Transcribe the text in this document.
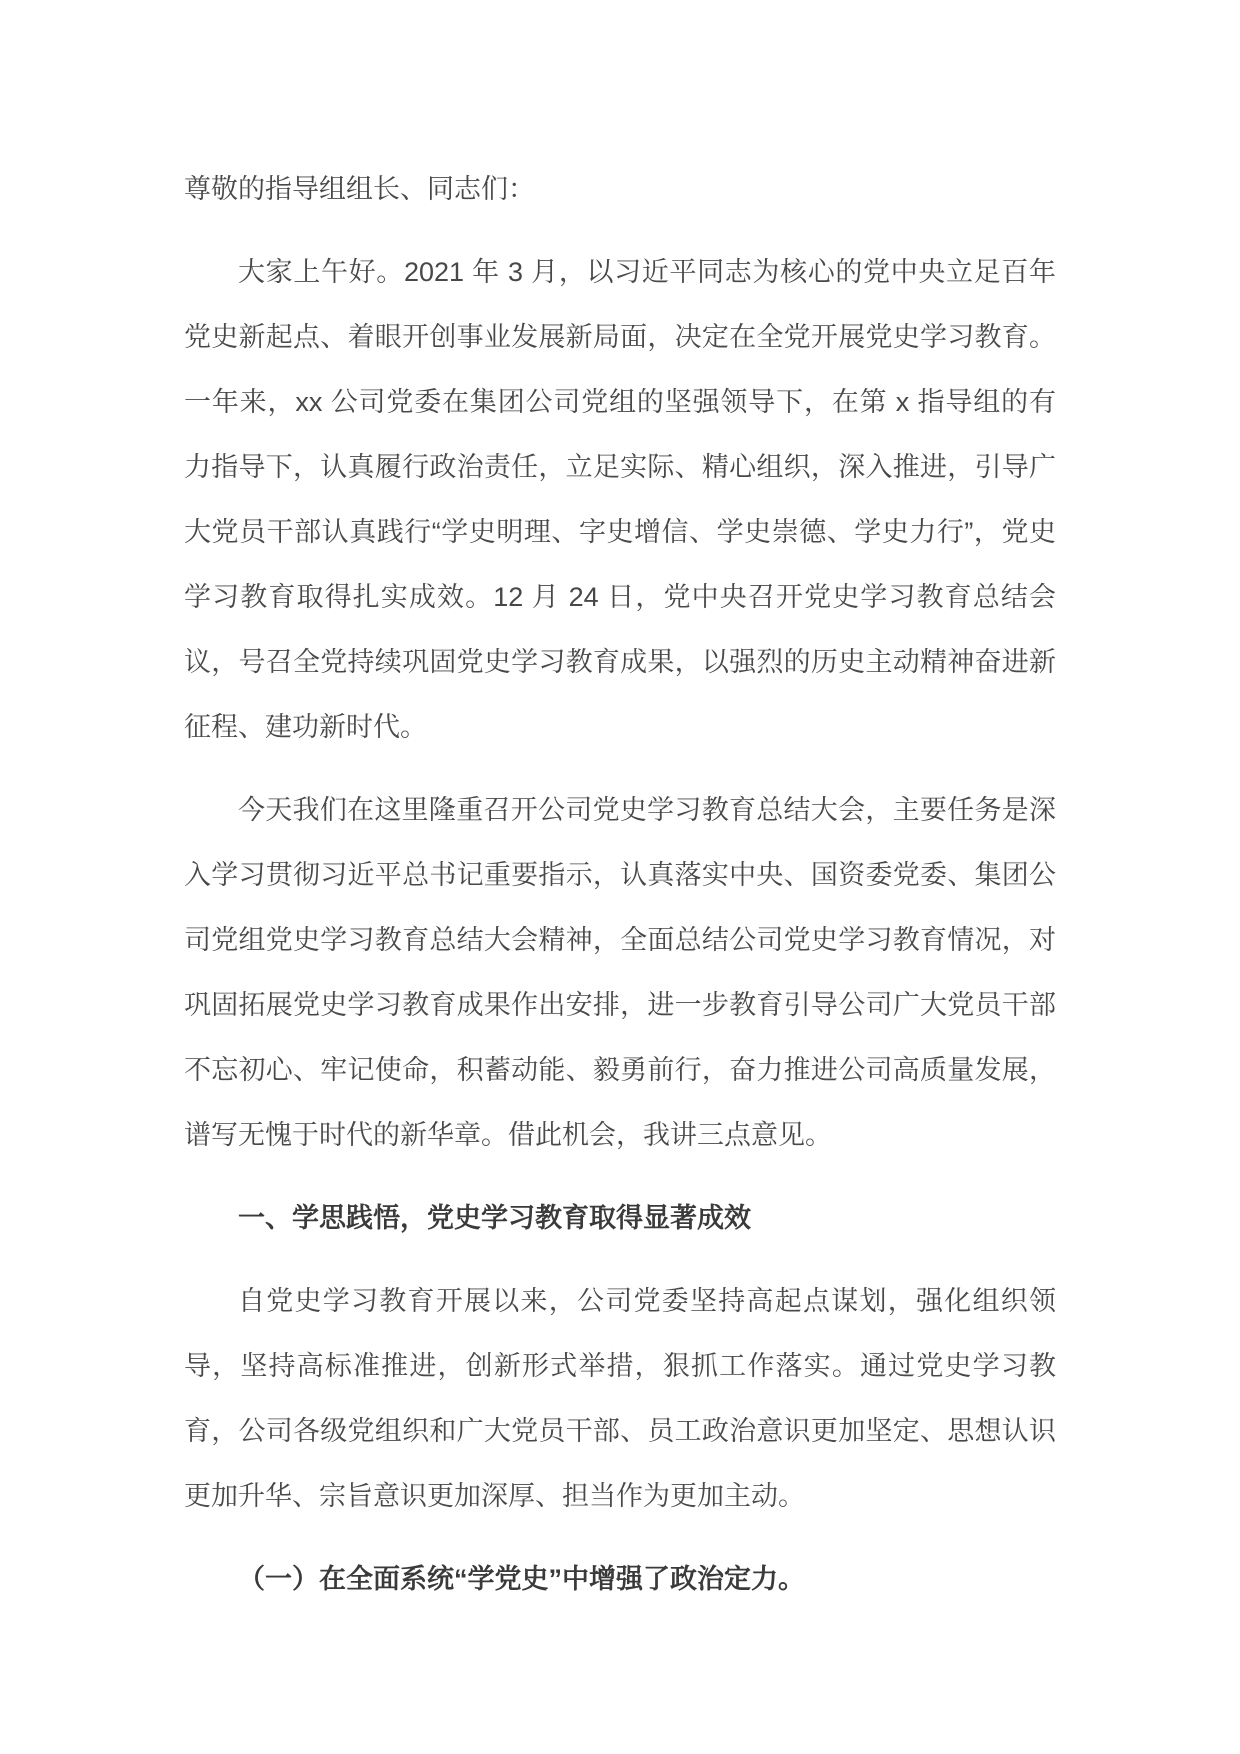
尊敬的指导组组长、同志们：

大家上午好。2021 年 3 月，以习近平同志为核心的党中央立足百年党史新起点、着眼开创事业发展新局面，决定在全党开展党史学习教育。一年来，xx 公司党委在集团公司党组的坚强领导下，在第 x 指导组的有力指导下，认真履行政治责任，立足实际、精心组织，深入推进，引导广大党员干部认真践行“学史明理、字史增信、学史崇德、学史力行”，党史学习教育取得扎实成效。12 月 24 日，党中央召开党史学习教育总结会议，号召全党持续巩固党史学习教育成果，以强烈的历史主动精神奋进新征程、建功新时代。

今天我们在这里隆重召开公司党史学习教育总结大会，主要任务是深入学习贯彻习近平总书记重要指示，认真落实中央、国资委党委、集团公司党组党史学习教育总结大会精神，全面总结公司党史学习教育情况，对巩固拓展党史学习教育成果作出安排，进一步教育引导公司广大党员干部不忘初心、牢记使命，积蓄动能、毅勇前行，奋力推进公司高质量发展，谱写无愧于时代的新华章。借此机会，我讲三点意见。

一、学思践悟，党史学习教育取得显著成效

自党史学习教育开展以来，公司党委坚持高起点谋划，强化组织领导，坚持高标准推进，创新形式举措，狠抓工作落实。通过党史学习教育，公司各级党组织和广大党员干部、员工政治意识更加坚定、思想认识更加升华、宗旨意识更加深厚、担当作为更加主动。

（一）在全面系统“学党史”中增强了政治定力。
